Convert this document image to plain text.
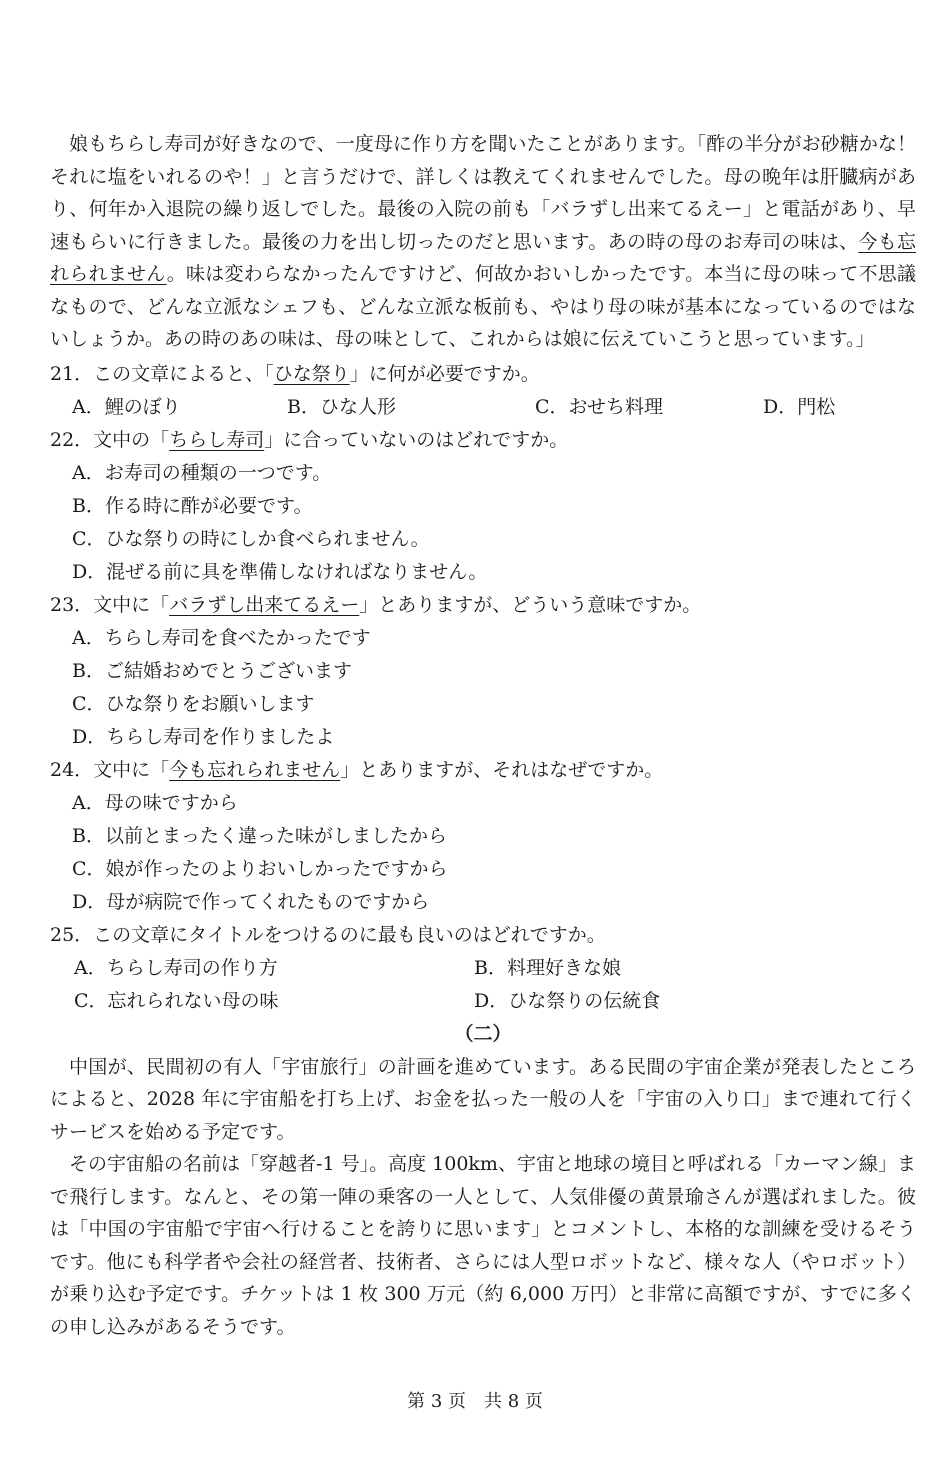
娘もちらし寿司が好きなので、一度母に作り方を聞いたことがあります。「酢の半分がお砂糖かな！それに塩をいれるのや！」と言うだけで、詳しくは教えてくれませんでした。母の晩年は肝臓病があり、何年か入退院の繰り返しでした。最後の入院の前も「バラずし出来てるえー」と電話があり、早速もらいに行きました。最後の力を出し切ったのだと思います。あの時の母のお寿司の味は、今も忘れられません。味は変わらなかったんですけど、何故かおいしかったです。本当に母の味って不思議なもので、どんな立派なシェフも、どんな立派な板前も、やはり母の味が基本になっているのではないしょうか。あの時のあの味は、母の味として、これからは娘に伝えていこうと思っています。」

21．この文章によると、「ひな祭り」に何が必要ですか。

A．鯉のぼり	B．ひな人形	C．おせち料理	D．門松

22．文中の「ちらし寿司」に合っていないのはどれですか。

A．お寿司の種類の一つです。

B．作る時に酢が必要です。

C．ひな祭りの時にしか食べられません。

D．混ぜる前に具を準備しなければなりません。

23．文中に「バラずし出来てるえー」とありますが、どういう意味ですか。

A．ちらし寿司を食べたかったです

B．ご結婚おめでとうございます

C．ひな祭りをお願いします

D．ちらし寿司を作りましたよ

24．文中に「今も忘れられません」とありますが、それはなぜですか。

A．母の味ですから

B．以前とまったく違った味がしましたから

C．娘が作ったのよりおいしかったですから

D．母が病院で作ってくれたものですから

25．この文章にタイトルをつけるのに最も良いのはどれですか。

A．ちらし寿司の作り方	B．料理好きな娘
C．忘れられない母の味	D．ひな祭りの伝統食

（二）

中国が、民間初の有人「宇宙旅行」の計画を進めています。ある民間の宇宙企業が発表したところによると、2028 年に宇宙船を打ち上げ、お金を払った一般の人を「宇宙の入り口」まで連れて行くサービスを始める予定です。

その宇宙船の名前は「穿越者-1 号」。高度 100km、宇宙と地球の境目と呼ばれる「カーマン線」まで飛行します。なんと、その第一陣の乗客の一人として、人気俳優の黄景瑜さんが選ばれました。彼は「中国の宇宙船で宇宙へ行けることを誇りに思います」とコメントし、本格的な訓練を受けるそうです。他にも科学者や会社の経営者、技術者、さらには人型ロボットなど、様々な人（やロボット）が乗り込む予定です。チケットは 1 枚 300 万元（約 6,000 万円）と非常に高額ですが、すでに多くの申し込みがあるそうです。

第 3 页　共 8 页
